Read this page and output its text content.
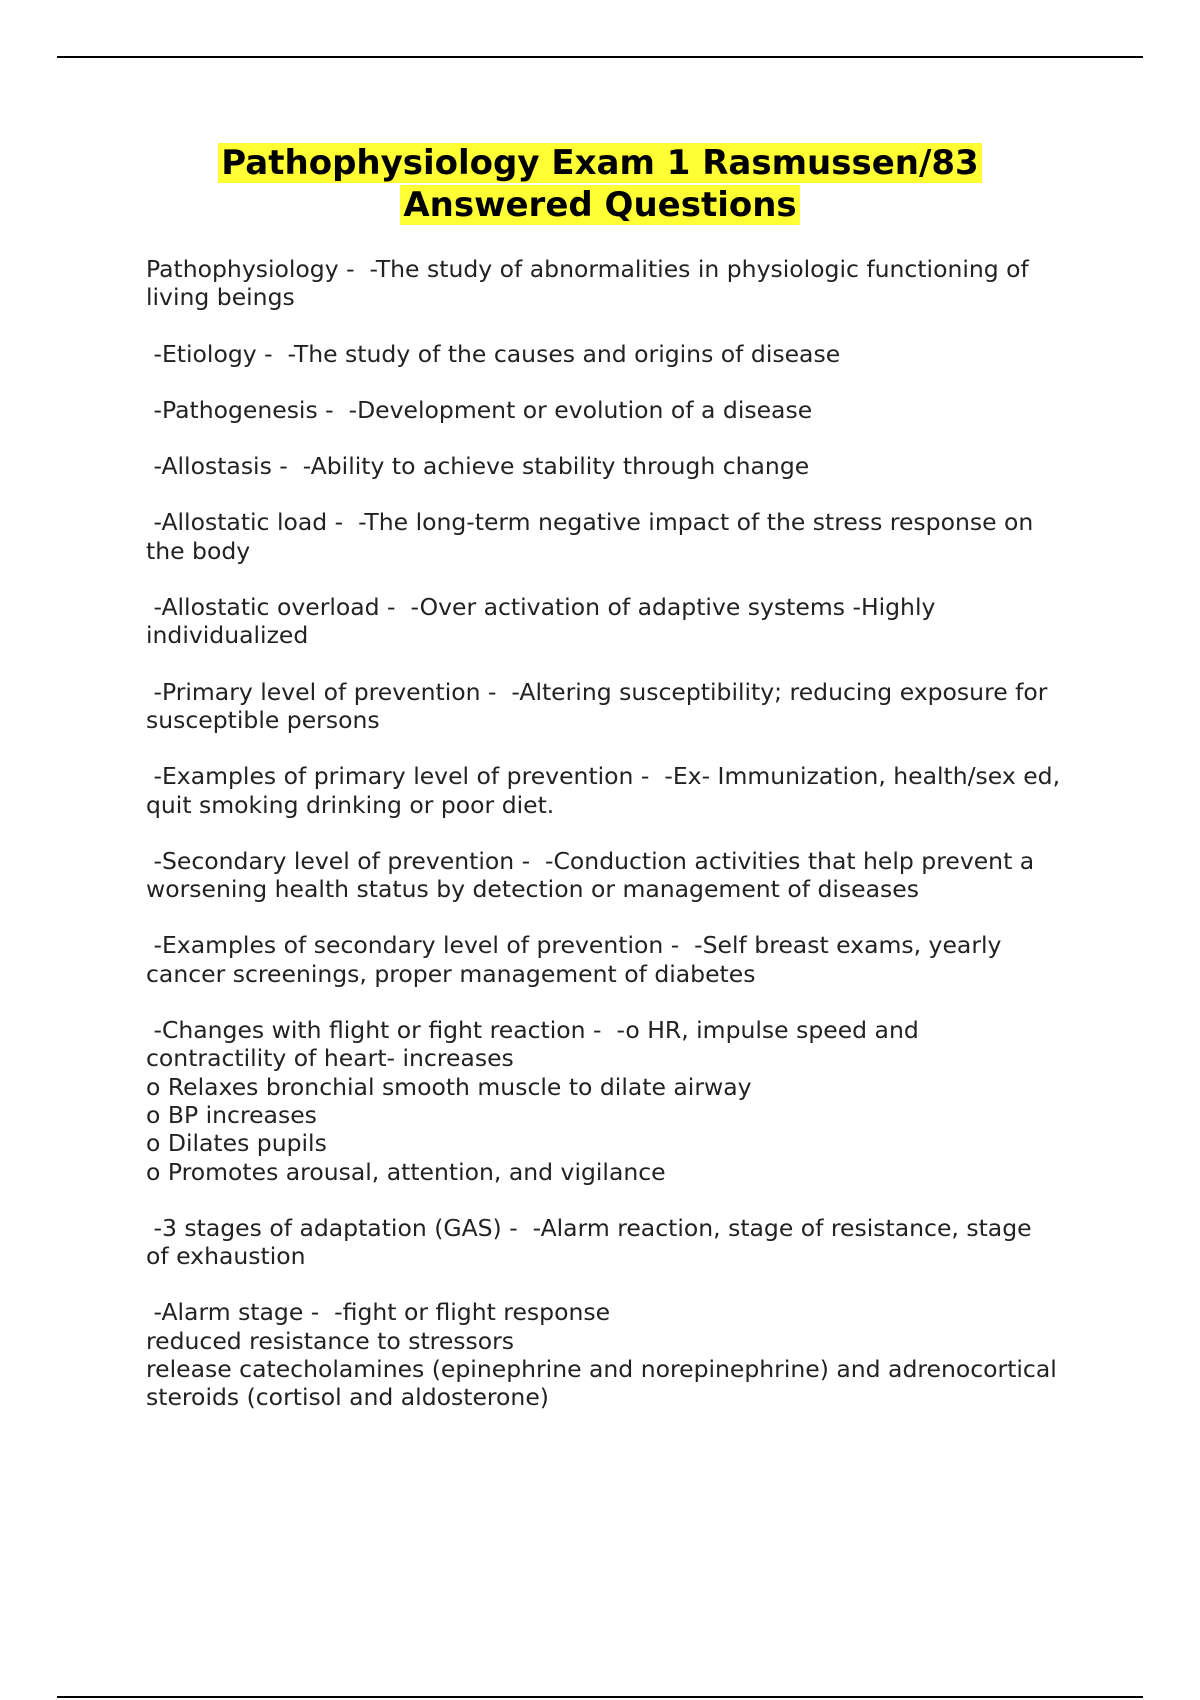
Pathophysiology Exam 1 Rasmussen/83
Answered Questions

Pathophysiology -  -The study of abnormalities in physiologic functioning of
living beings

-Etiology -  -The study of the causes and origins of disease

-Pathogenesis -  -Development or evolution of a disease

-Allostasis -  -Ability to achieve stability through change

-Allostatic load -  -The long-term negative impact of the stress response on
the body

-Allostatic overload -  -Over activation of adaptive systems -Highly
individualized

-Primary level of prevention -  -Altering susceptibility; reducing exposure for
susceptible persons

-Examples of primary level of prevention -  -Ex- Immunization, health/sex ed,
quit smoking drinking or poor diet.

-Secondary level of prevention -  -Conduction activities that help prevent a
worsening health status by detection or management of diseases

-Examples of secondary level of prevention -  -Self breast exams, yearly
cancer screenings, proper management of diabetes

-Changes with flight or fight reaction -  -o HR, impulse speed and
contractility of heart- increases
o Relaxes bronchial smooth muscle to dilate airway
o BP increases
o Dilates pupils
o Promotes arousal, attention, and vigilance

-3 stages of adaptation (GAS) -  -Alarm reaction, stage of resistance, stage
of exhaustion

-Alarm stage -  -fight or flight response
reduced resistance to stressors
release catecholamines (epinephrine and norepinephrine) and adrenocortical
steroids (cortisol and aldosterone)
